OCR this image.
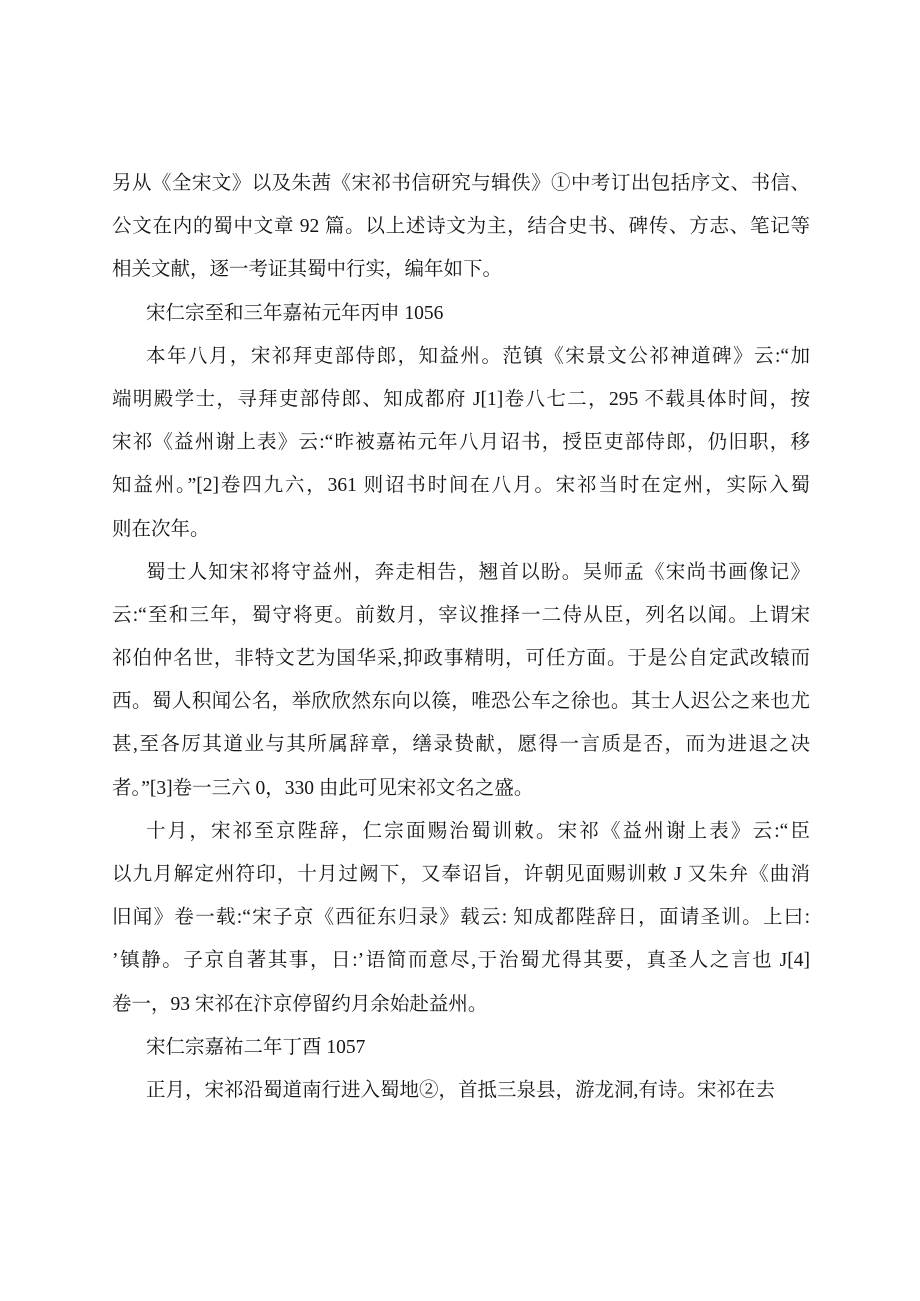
另从《全宋文》以及朱茜《宋祁书信研究与辑佚》①中考订出包括序文、书信、
公文在内的蜀中文章 92 篇。以上述诗文为主，结合史书、碑传、方志、笔记等
相关文献，逐一考证其蜀中行实，编年如下。
宋仁宗至和三年嘉祐元年丙申 1056
本年八月，宋祁拜吏部侍郎，知益州。范镇《宋景文公祁神道碑》云:“加
端明殿学士，寻拜吏部侍郎、知成都府 J[1]卷八七二，295 不载具体时间，按
宋祁《益州谢上表》云:“昨被嘉祐元年八月诏书，授臣吏部侍郎，仍旧职，移
知益州。”[2]卷四九六，361 则诏书时间在八月。宋祁当时在定州，实际入蜀
则在次年。
蜀士人知宋祁将守益州，奔走相告，翘首以盼。吴师孟《宋尚书画像记》
云:“至和三年，蜀守将更。前数月，宰议推择一二侍从臣，列名以闻。上谓宋
祁伯仲名世，非特文艺为国华采,抑政事精明，可任方面。于是公自定武改辕而
西。蜀人积闻公名，举欣欣然东向以篌，唯恐公车之徐也。其士人迟公之来也尤
甚,至各厉其道业与其所属辞章，缮录贽献，愿得一言质是否，而为进退之决
者。”[3]卷一三六 0，330 由此可见宋祁文名之盛。
十月，宋祁至京陛辞，仁宗面赐治蜀训敕。宋祁《益州谢上表》云:“臣
以九月解定州符印，十月过阙下，又奉诏旨，许朝见面赐训敕 J 又朱弁《曲消
旧闻》卷一载:“宋子京《西征东归录》载云: 知成都陛辞日，面请圣训。上曰:
’镇静。子京自著其事，日:’语简而意尽,于治蜀尤得其要，真圣人之言也 J[4]
卷一，93 宋祁在汴京停留约月余始赴益州。
宋仁宗嘉祐二年丁酉 1057
正月，宋祁沿蜀道南行进入蜀地②，首抵三泉县，游龙洞,有诗。宋祁在去
